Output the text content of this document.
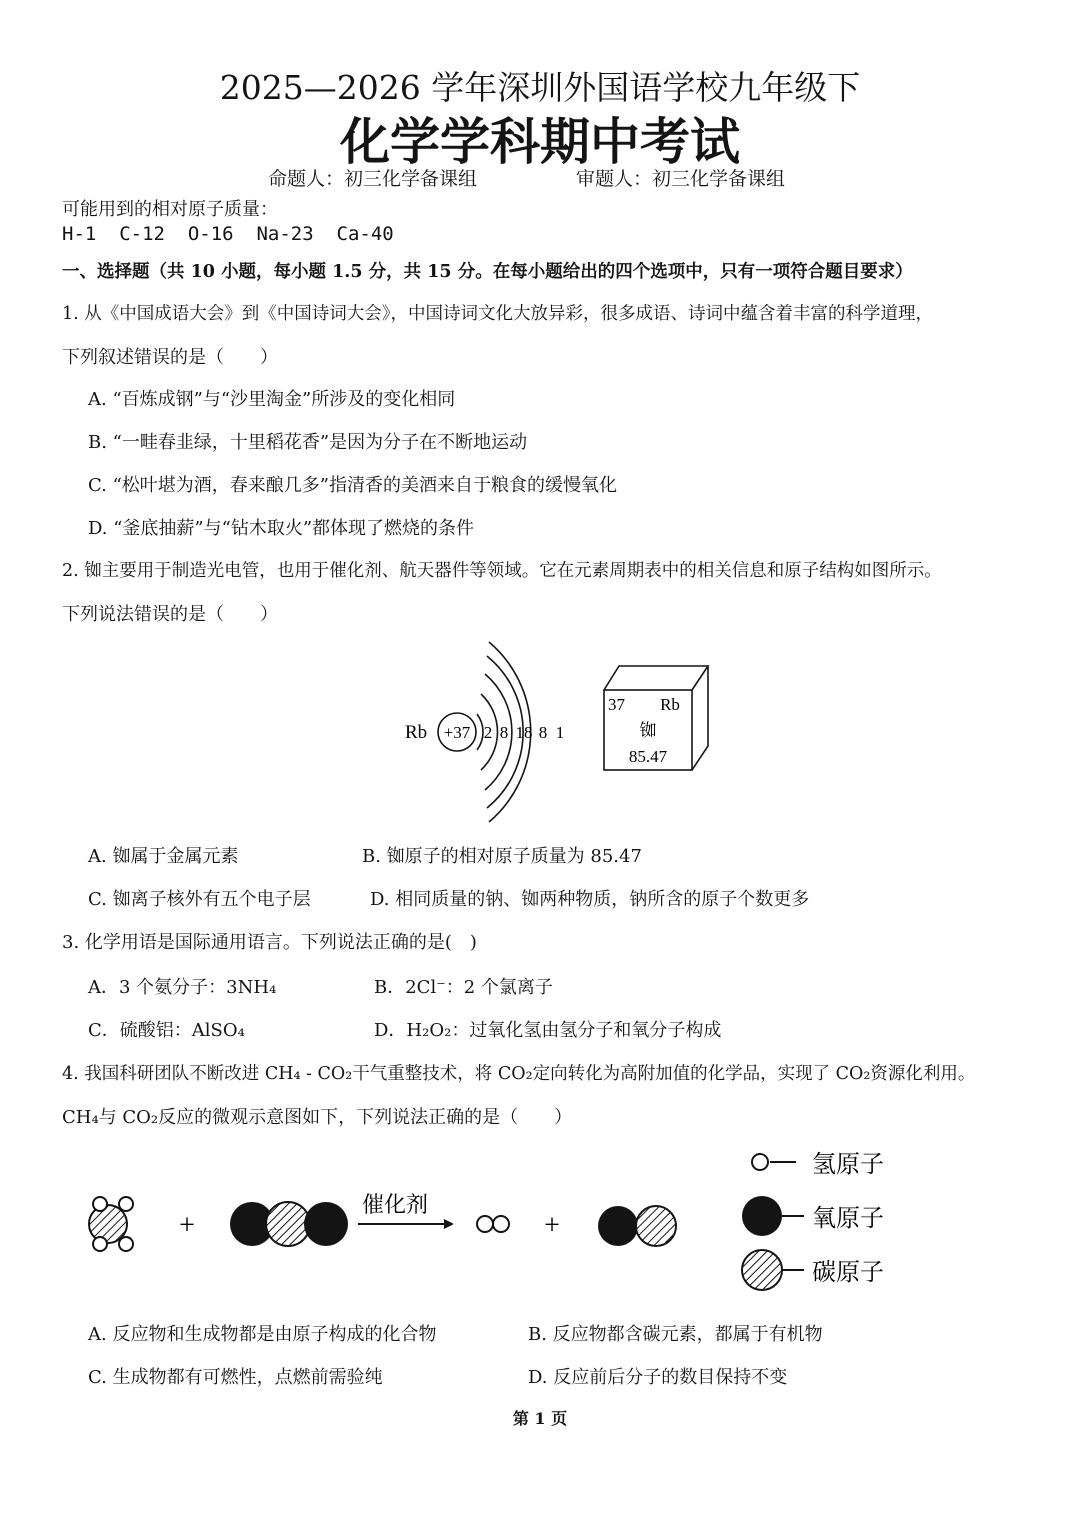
2025—2026 学年深圳外国语学校九年级下
化学学科期中考试
命题人：初三化学备课组	审题人：初三化学备课组
可能用到的相对原子质量：
H-1  C-12  O-16  Na-23  Ca-40
一、选择题（共 10 小题，每小题 1.5 分，共 15 分。在每小题给出的四个选项中，只有一项符合题目要求）
1. 从《中国成语大会》到《中国诗词大会》，中国诗词文化大放异彩，很多成语、诗词中蕴含着丰富的科学道理，
下列叙述错误的是（　　）
A. “百炼成钢”与“沙里淘金”所涉及的变化相同
B. “一畦春韭绿，十里稻花香”是因为分子在不断地运动
C. “松叶堪为酒，春来酿几多”指清香的美酒来自于粮食的缓慢氧化
D. “釜底抽薪”与“钻木取火”都体现了燃烧的条件
2. 铷主要用于制造光电管，也用于催化剂、航天器件等领域。它在元素周期表中的相关信息和原子结构如图所示。
下列说法错误的是（　　）
Rb +37 2 8 18 8 1
37 Rb
铷
85.47
A. 铷属于金属元素	B. 铷原子的相对原子质量为 85.47
C. 铷离子核外有五个电子层	D. 相同质量的钠、铷两种物质，钠所含的原子个数更多
3. 化学用语是国际通用语言。下列说法正确的是(　)
A．3 个氨分子：3NH₄	B．2Cl⁻：2 个氯离子
C．硫酸铝：AlSO₄	D．H₂O₂：过氧化氢由氢分子和氧分子构成
4. 我国科研团队不断改进 CH₄ - CO₂干气重整技术，将 CO₂定向转化为高附加值的化学品，实现了 CO₂资源化利用。
CH₄与 CO₂反应的微观示意图如下，下列说法正确的是（　　）
+
催化剂
+
氢原子
氧原子
碳原子
A. 反应物和生成物都是由原子构成的化合物	B. 反应物都含碳元素，都属于有机物
C. 生成物都有可燃性，点燃前需验纯	D. 反应前后分子的数目保持不变
第 1 页
